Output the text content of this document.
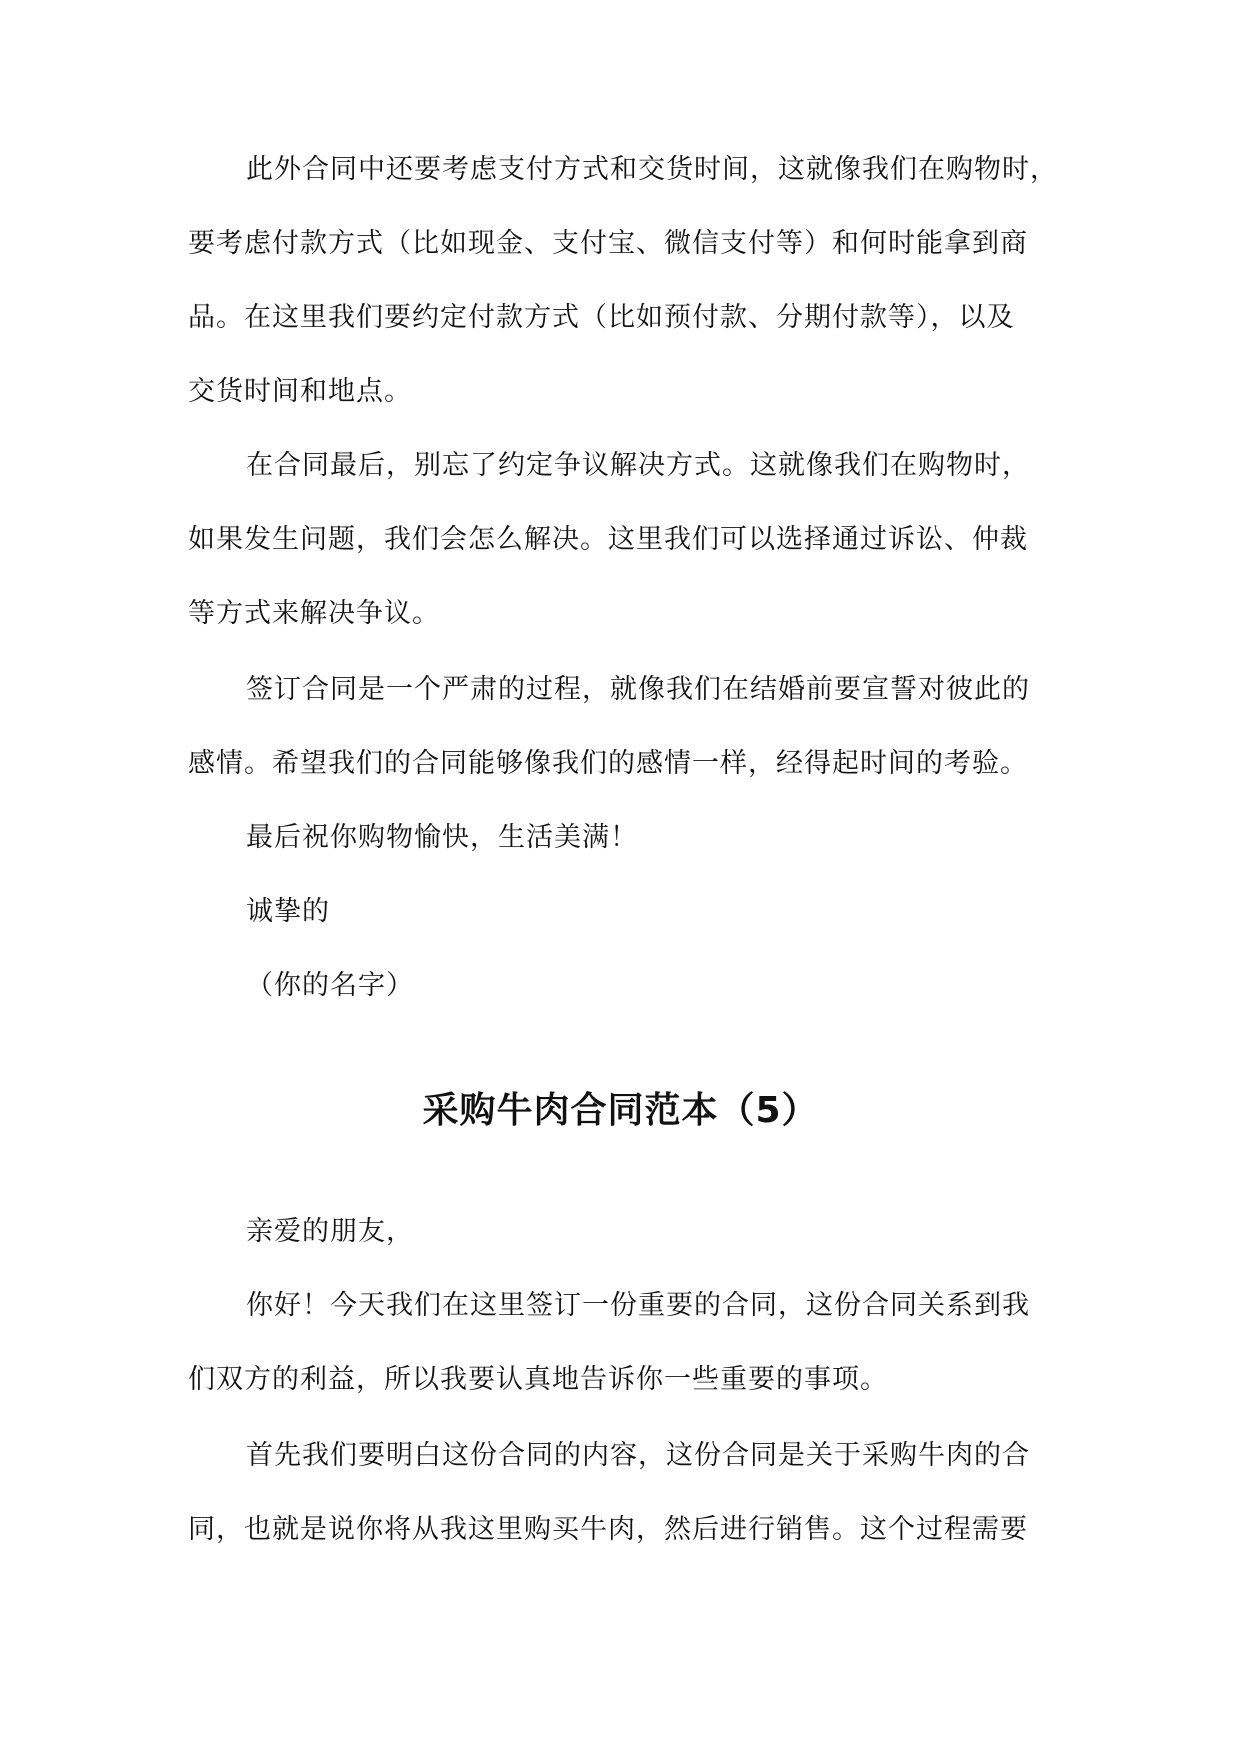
此外合同中还要考虑支付方式和交货时间，这就像我们在购物时，
要考虑付款方式（比如现金、支付宝、微信支付等）和何时能拿到商
品。在这里我们要约定付款方式（比如预付款、分期付款等），以及
交货时间和地点。
在合同最后，别忘了约定争议解决方式。这就像我们在购物时，
如果发生问题，我们会怎么解决。这里我们可以选择通过诉讼、仲裁
等方式来解决争议。
签订合同是一个严肃的过程，就像我们在结婚前要宣誓对彼此的
感情。希望我们的合同能够像我们的感情一样，经得起时间的考验。
最后祝你购物愉快，生活美满！
诚挚的
（你的名字）
采购牛肉合同范本（5）
亲爱的朋友，
你好！今天我们在这里签订一份重要的合同，这份合同关系到我
们双方的利益，所以我要认真地告诉你一些重要的事项。
首先我们要明白这份合同的内容，这份合同是关于采购牛肉的合
同，也就是说你将从我这里购买牛肉，然后进行销售。这个过程需要
